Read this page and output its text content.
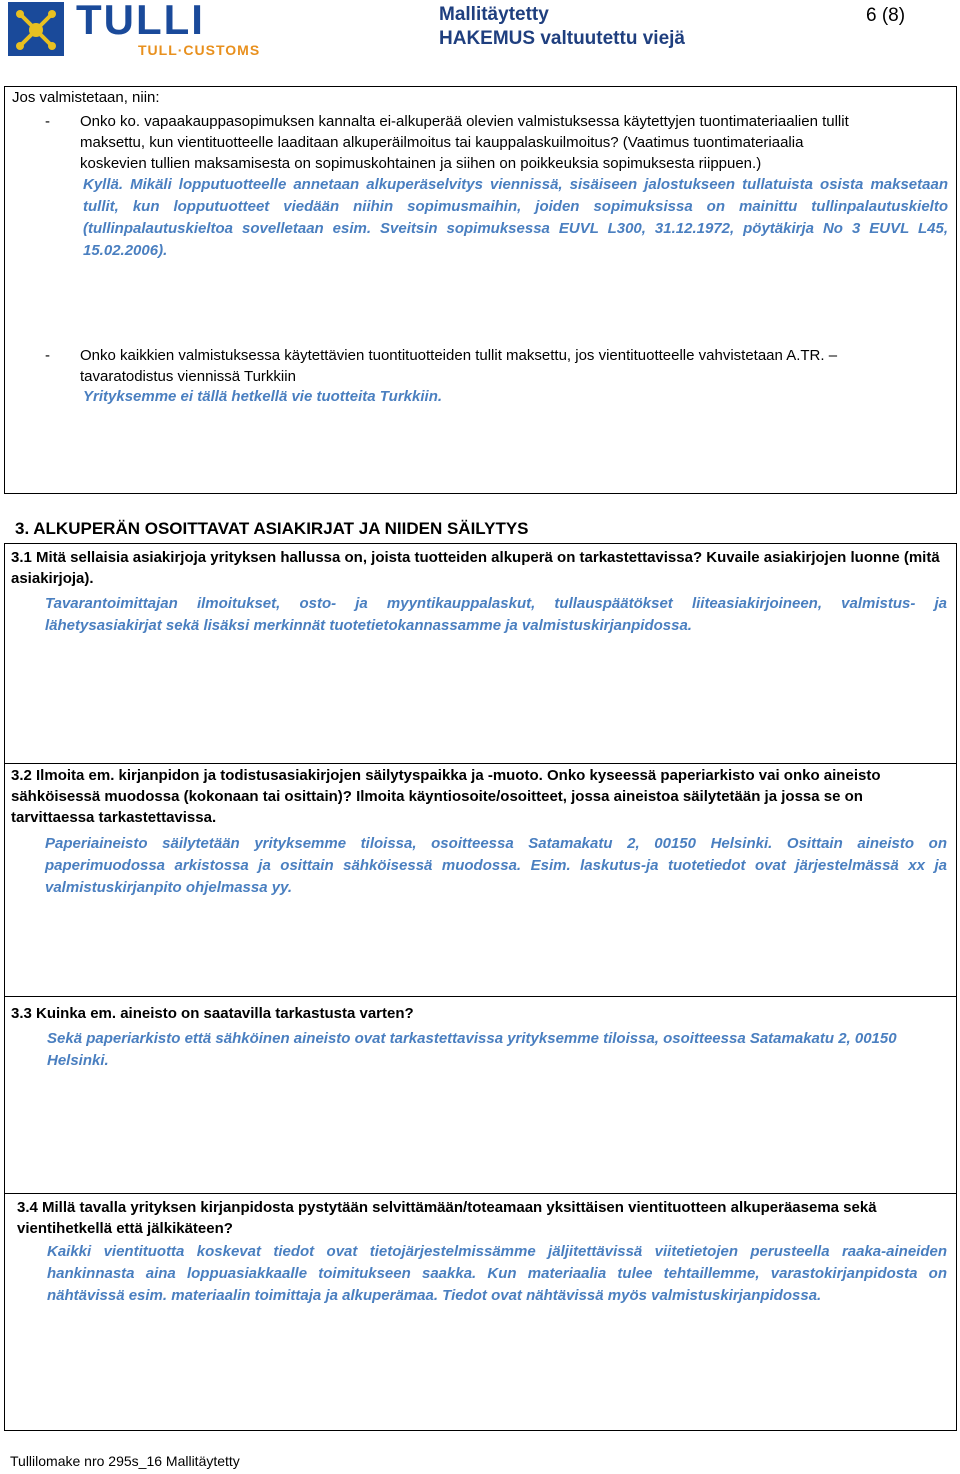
TULLI
TULL·CUSTOMS
Mallitäytetty
HAKEMUS valtuutettu viejä
6 (8)
Jos valmistetaan, niin:
- Onko ko. vapaakauppasopimuksen kannalta ei-alkuperää olevien valmistuksessa käytettyjen tuontimateriaalien tullit
maksettu, kun vientituotteelle laaditaan alkuperäilmoitus tai kauppalaskuilmoitus? (Vaatimus tuontimateriaalia
koskevien tullien maksamisesta on sopimuskohtainen ja siihen on poikkeuksia sopimuksesta riippuen.)
Kyllä. Mikäli lopputuotteelle annetaan alkuperäselvitys viennissä, sisäiseen jalostukseen tullatuista osista maksetaan tullit, kun lopputuotteet viedään niihin sopimusmaihin, joiden sopimuksissa on mainittu tullinpalautuskielto (tullinpalautuskieltoa sovelletaan esim. Sveitsin sopimuksessa EUVL L300, 31.12.1972, pöytäkirja No 3 EUVL L45, 15.02.2006).
- Onko kaikkien valmistuksessa käytettävien tuontituotteiden tullit maksettu, jos vientituotteelle vahvistetaan A.TR. –
tavaratodistus viennissä Turkkiin
Yrityksemme ei tällä hetkellä vie tuotteita Turkkiin.
3. ALKUPERÄN OSOITTAVAT ASIAKIRJAT JA NIIDEN SÄILYTYS
3.1 Mitä sellaisia asiakirjoja yrityksen hallussa on, joista tuotteiden alkuperä on tarkastettavissa? Kuvaile asiakirjojen luonne (mitä asiakirjoja).
Tavarantoimittajan ilmoitukset, osto- ja myyntikauppalaskut, tullauspäätökset liiteasiakirjoineen, valmistus- ja lähetysasiakirjat sekä lisäksi merkinnät tuotetietokannassamme ja valmistuskirjanpidossa.
3.2 Ilmoita em. kirjanpidon ja todistusasiakirjojen säilytyspaikka ja -muoto. Onko kyseessä paperiarkisto vai onko aineisto sähköisessä muodossa (kokonaan tai osittain)? Ilmoita käyntiosoite/osoitteet, jossa aineistoa säilytetään ja jossa se on tarvittaessa tarkastettavissa.
Paperiaineisto säilytetään yrityksemme tiloissa, osoitteessa Satamakatu 2, 00150 Helsinki. Osittain aineisto on paperimuodossa arkistossa ja osittain sähköisessä muodossa. Esim. laskutus-ja tuotetiedot ovat järjestelmässä xx ja valmistuskirjanpito ohjelmassa yy.
3.3 Kuinka em. aineisto on saatavilla tarkastusta varten?
Sekä paperiarkisto että sähköinen aineisto ovat tarkastettavissa yrityksemme tiloissa, osoitteessa Satamakatu 2, 00150 Helsinki.
3.4 Millä tavalla yrityksen kirjanpidosta pystytään selvittämään/toteamaan yksittäisen vientituotteen alkuperäasema sekä vientihetkellä että jälkikäteen?
Kaikki vientituotta koskevat tiedot ovat tietojärjestelmissämme jäljitettävissä viitetietojen perusteella raaka-aineiden hankinnasta aina loppuasiakkaalle toimitukseen saakka. Kun materiaalia tulee tehtaillemme, varastokirjanpidosta on nähtävissä esim. materiaalin toimittaja ja alkuperämaa. Tiedot ovat nähtävissä myös valmistuskirjanpidossa.
Tullilomake nro 295s_16 Mallitäytetty
